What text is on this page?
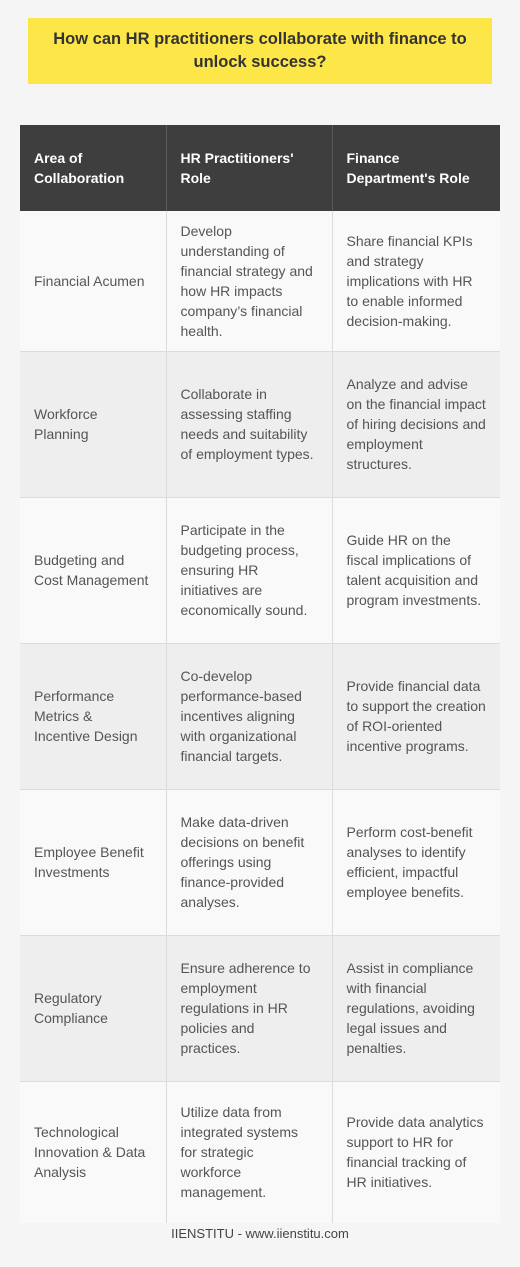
How can HR practitioners collaborate with finance to unlock success?
Area of Collaboration	HR Practitioners' Role	Finance Department's Role
Financial Acumen	Develop understanding of financial strategy and how HR impacts company’s financial health.	Share financial KPIs and strategy implications with HR to enable informed decision-making.
Workforce Planning	Collaborate in assessing staffing needs and suitability of employment types.	Analyze and advise on the financial impact of hiring decisions and employment structures.
Budgeting and Cost Management	Participate in the budgeting process, ensuring HR initiatives are economically sound.	Guide HR on the fiscal implications of talent acquisition and program investments.
Performance Metrics & Incentive Design	Co-develop performance-based incentives aligning with organizational financial targets.	Provide financial data to support the creation of ROI-oriented incentive programs.
Employee Benefit Investments	Make data-driven decisions on benefit offerings using finance-provided analyses.	Perform cost-benefit analyses to identify efficient, impactful employee benefits.
Regulatory Compliance	Ensure adherence to employment regulations in HR policies and practices.	Assist in compliance with financial regulations, avoiding legal issues and penalties.
Technological Innovation & Data Analysis	Utilize data from integrated systems for strategic workforce management.	Provide data analytics support to HR for financial tracking of HR initiatives.
IIENSTITU - www.iienstitu.com
